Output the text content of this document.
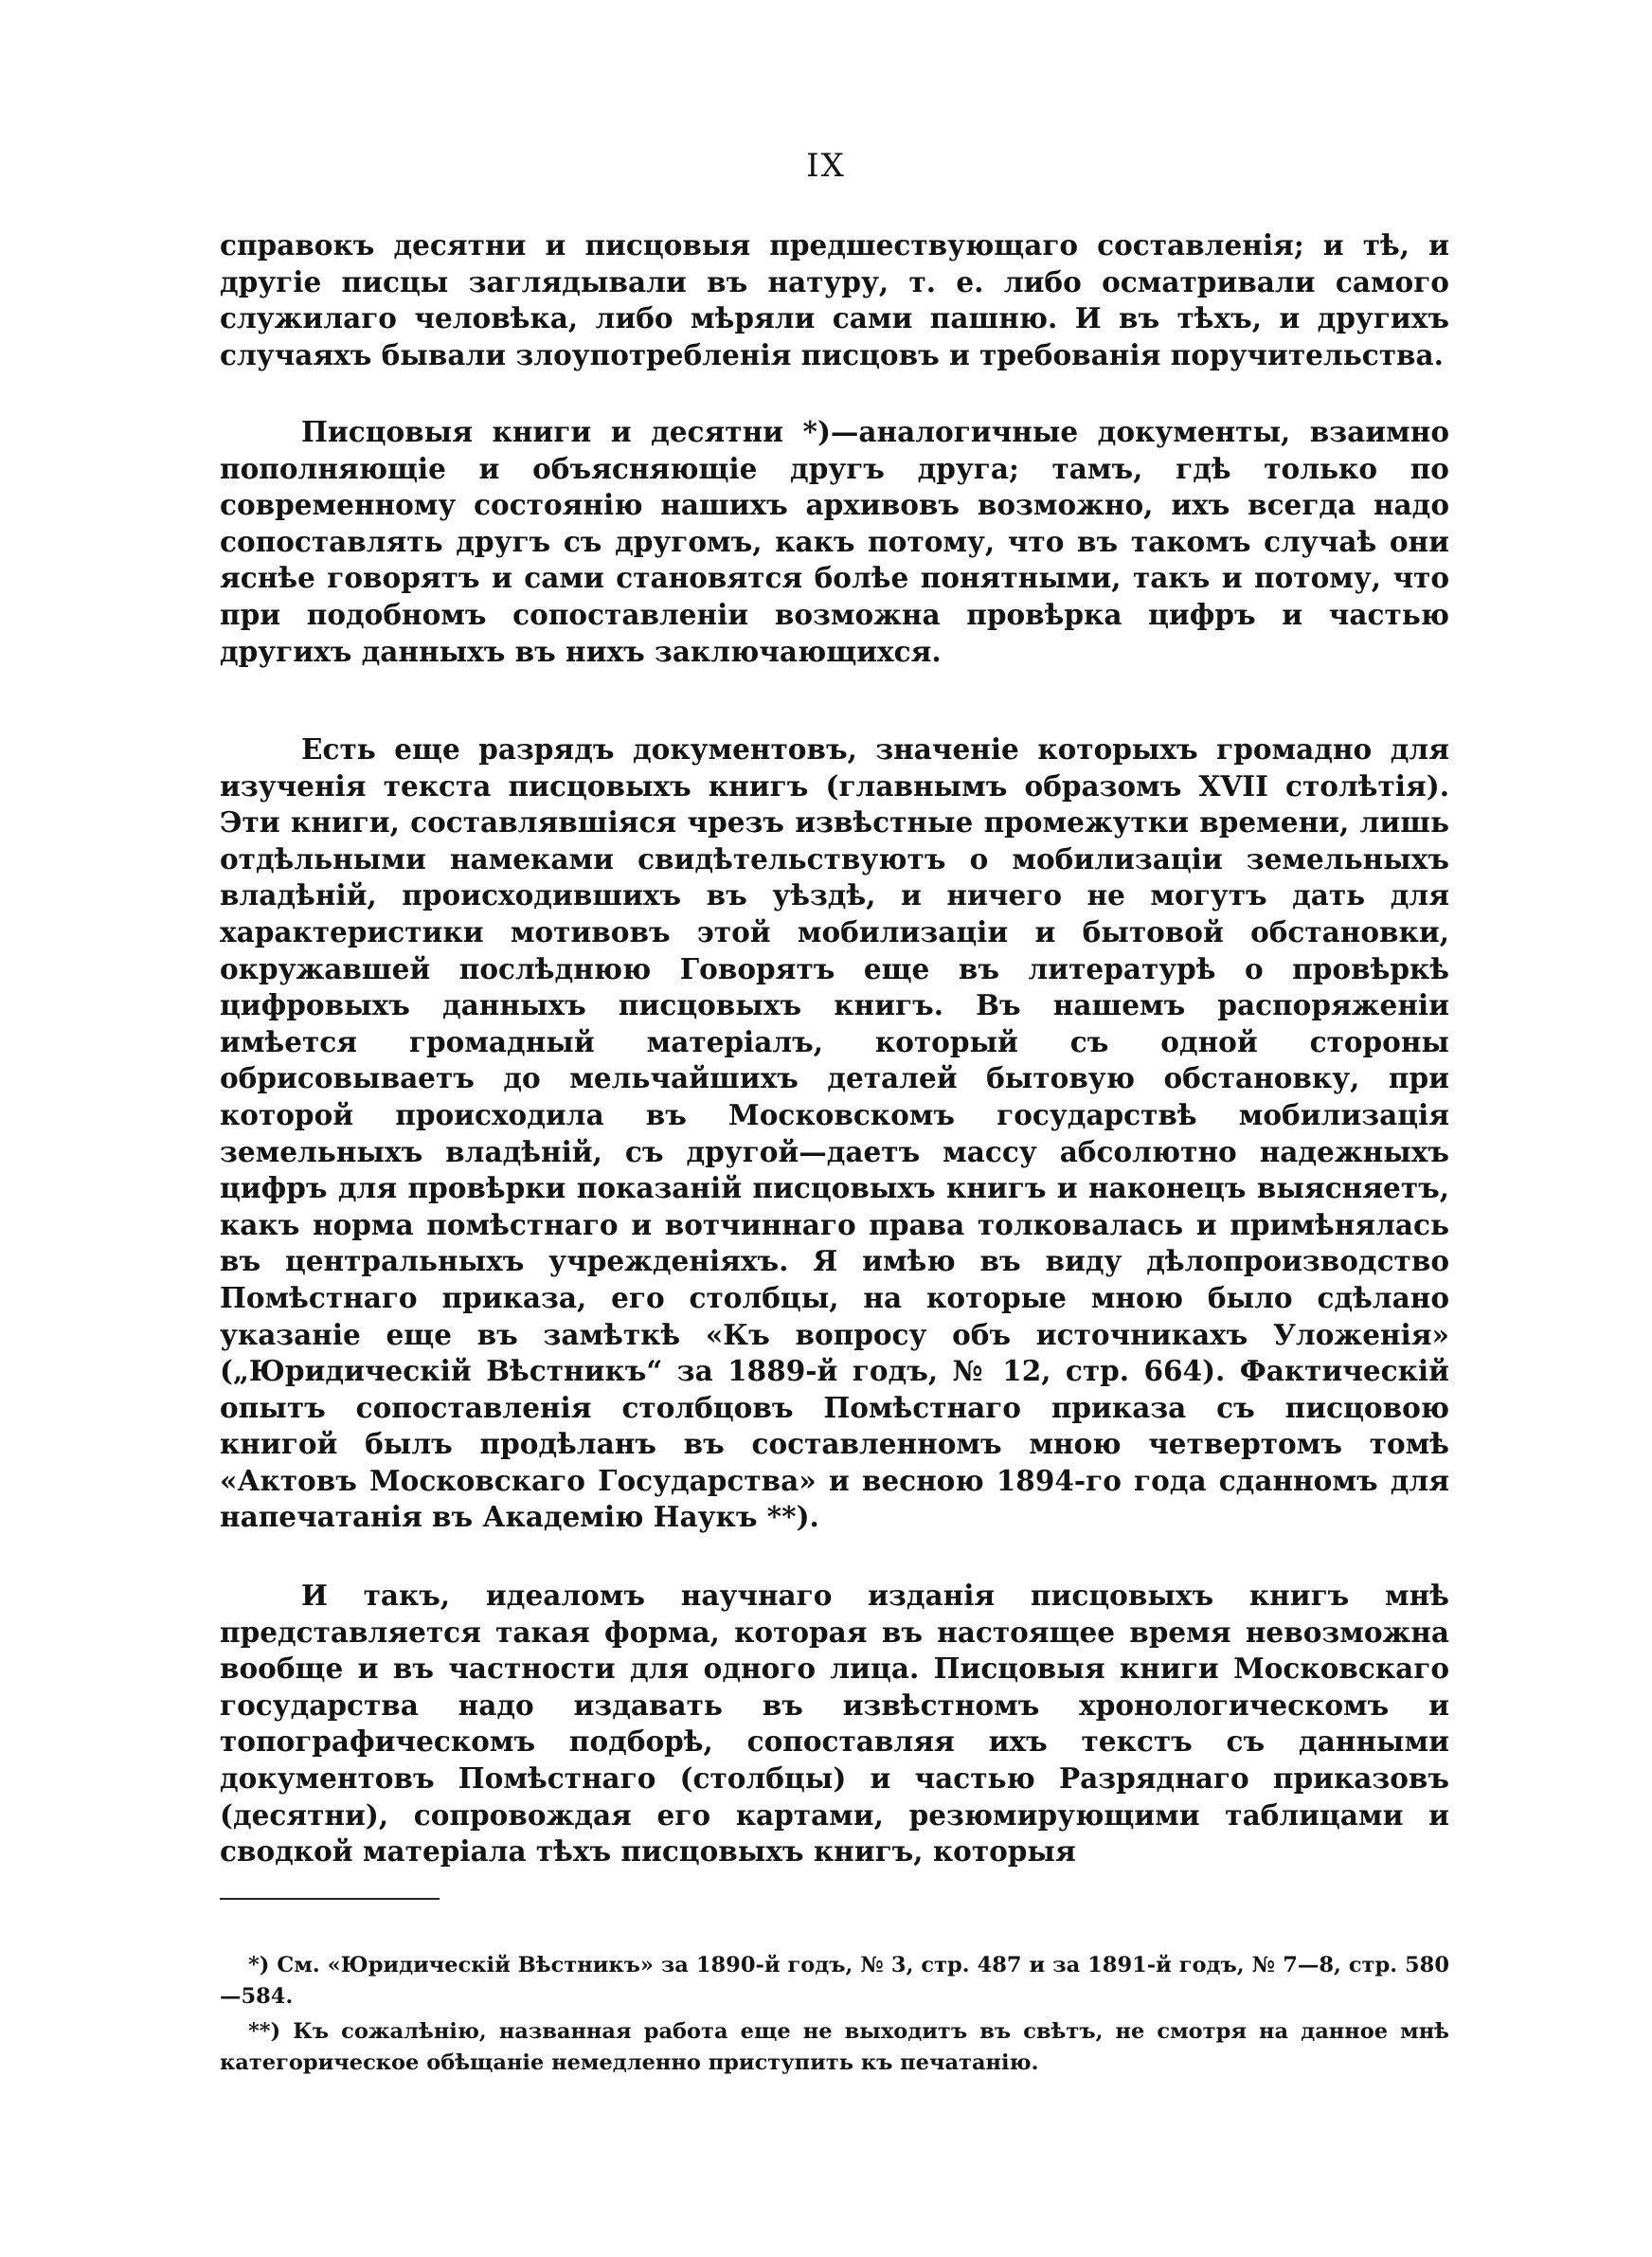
IX

справокъ десятни и писцовыя предшествующаго составленія; и тѣ, и другіе писцы заглядывали въ натуру, т. е. либо осматривали самого служилаго человѣка, либо мѣряли сами пашню. И въ тѣхъ, и другихъ случаяхъ бывали злоупотребленія писцовъ и требованія поручительства.

Писцовыя книги и десятни *)—аналогичные документы, взаимно пополняющіе и объясняющіе другъ друга; тамъ, гдѣ только по современному состоянію нашихъ архивовъ возможно, ихъ всегда надо сопоставлять другъ съ другомъ, какъ потому, что въ такомъ случаѣ они яснѣе говорятъ и сами становятся болѣе понятными, такъ и потому, что при подобномъ сопоставленіи возможна провѣрка цифръ и частью другихъ данныхъ въ нихъ заключающихся.

Есть еще разрядъ документовъ, значеніе которыхъ громадно для изученія текста писцовыхъ книгъ (главнымъ образомъ XVII столѣтія). Эти книги, составлявшіяся чрезъ извѣстные промежутки времени, лишь отдѣльными намеками свидѣтельствуютъ о мобилизаціи земельныхъ владѣній, происходившихъ въ уѣздѣ, и ничего не могутъ дать для характеристики мотивовъ этой мобилизаціи и бытовой обстановки, окружавшей послѣднюю Говорятъ еще въ литературѣ о провѣркѣ цифровыхъ данныхъ писцовыхъ книгъ. Въ нашемъ распоряженіи имѣется громадный матеріалъ, который съ одной стороны обрисовываетъ до мельчайшихъ деталей бытовую обстановку, при которой происходила въ Московскомъ государствѣ мобилизація земельныхъ владѣній, съ другой—даетъ массу абсолютно надежныхъ цифръ для провѣрки показаній писцовыхъ книгъ и наконецъ выясняетъ, какъ норма помѣстнаго и вотчиннаго права толковалась и примѣнялась въ центральныхъ учрежденіяхъ. Я имѣю въ виду дѣлопроизводство Помѣстнаго приказа, его столбцы, на которые мною было сдѣлано указаніе еще въ замѣткѣ «Къ вопросу объ источникахъ Уложенія» („Юридическій Вѣстникъ“ за 1889-й годъ, № 12, стр. 664). Фактическій опытъ сопоставленія столбцовъ Помѣстнаго приказа съ писцовою книгой былъ продѣланъ въ составленномъ мною четвертомъ томѣ «Актовъ Московскаго Государства» и весною 1894-го года сданномъ для напечатанія въ Академію Наукъ **).

И такъ, идеаломъ научнаго изданія писцовыхъ книгъ мнѣ представляется такая форма, которая въ настоящее время невозможна вообще и въ частности для одного лица. Писцовыя книги Московскаго государства надо издавать въ извѣстномъ хронологическомъ и топографическомъ подборѣ, сопоставляя ихъ текстъ съ данными документовъ Помѣстнаго (столбцы) и частью Разряднаго приказовъ (десятни), сопровождая его картами, резюмирующими таблицами и сводкой матеріала тѣхъ писцовыхъ книгъ, которыя

*) См. «Юридическій Вѣстникъ» за 1890-й годъ, № 3, стр. 487 и за 1891-й годъ, № 7—8, стр. 580—584.

**) Къ сожалѣнію, названная работа еще не выходитъ въ свѣтъ, не смотря на данное мнѣ категорическое обѣщаніе немедленно приступить къ печатанію.
